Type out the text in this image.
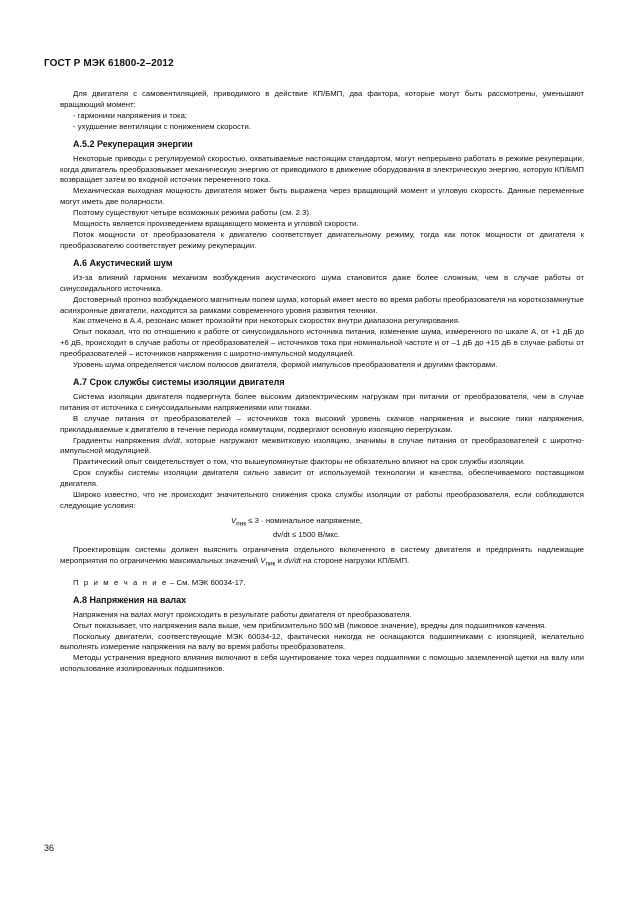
ГОСТ Р МЭК 61800-2–2012

Для двигателя с самовентиляцией, приводимого в действие КП/БМП, два фактора, которые могут быть рассмотрены, уменьшают вращающий момент:

- гармоники напряжения и тока;
- ухудшение вентиляции с понижением скорости.
А.5.2 Рекуперация энергии

Некоторые приводы с регулируемой скоростью, охватываемые настоящим стандартом, могут непрерывно работать в режиме рекуперации, когда двигатель преобразовывает механическую энергию от приводимого в движение оборудования в электрическую энергию, которую КП/БМП возвращает затем во входной источник переменного тока.

Механическая выходная мощность двигателя может быть выражена через вращающий момент и угловую скорость. Данные переменные могут иметь две полярности.

Поэтому существуют четыре возможных режима работы (см. 2.3).

Мощность является произведением вращающего момента и угловой скорости.

Поток мощности от преобразователя к двигателю соответствует двигательному режиму, тогда как поток мощности от двигателя к преобразователю соответствует режиму рекуперации.

А.6 Акустический шум

Из-за влияний гармоник механизм возбуждения акустического шума становится даже более сложным, чем в случае работы от синусоидального источника.

Достоверный прогноз возбуждаемого магнитным полем шума, который имеет место во время работы преобразователя на короткозамкнутые асинхронные двигатели, находится за рамками современного уровня развития техники.

Как отмечено в А.4, резонанс может произойти при некоторых скоростях внутри диапазона регулирования.

Опыт показал, что по отношению к работе от синусоидального источника питания, изменение шума, измеренного по шкале А, от +1 дБ до +6 дБ, происходит в случае работы от преобразователей – источников тока при номинальной частоте и от –1 дБ до +15 дБ в случае работы от преобразователей – источников напряжения с широтно-импульсной модуляцией.

Уровень шума определяется числом полюсов двигателя, формой импульсов преобразователя и другими факторами.

А.7 Срок службы системы изоляции двигателя

Система изоляции двигателя подвергнута более высоким диэлектрическим нагрузкам при питании от преобразователя, чем в случае питания от источника с синусоидальными напряжениями или токами.

В случае питания от преобразователей – источников тока высокий уровень скачков напряжения и высокие пики напряжения, прикладываемые к двигателю в течение периода коммутации, подвергают основную изоляцию перегрузкам.

Градиенты напряжения dv/dt, которые нагружают межвитковую изоляцию, значимы в случае питания от преобразователей с широтно-импульсной модуляцией.

Практический опыт свидетельствует о том, что вышеупомянутые факторы не обязательно влияют на срок службы изоляции.

Срок службы системы изоляции двигателя сильно зависит от используемой технологии и качества, обеспечиваемого поставщиком двигателя.

Широко известно, что не происходит значительного снижения срока службы изоляции от работы преобразователя, если соблюдаются следующие условия:

$V_{пик} \le 3$ · номинальное напряжение,
dv/dt ≤ 1500 В/мкс.

Проектировщик системы должен выяснить ограничения отдельного включенного в систему двигателя и предпринять надлежащие мероприятия по ограничению максимальных значений $V_{пик}$ и dv/dt на стороне нагрузки КП/БМП.

П р и м е ч а н и е – См. МЭК 60034-17.
А.8 Напряжения на валах

Напряжения на валах могут происходить в результате работы двигателя от преобразователя.

Опыт показывает, что напряжения вала выше, чем приблизительно 500 мВ (пиковое значение), вредны для подшипников качения.

Поскольку двигатели, соответствующие МЭК 60034-12, фактически никогда не оснащаются подшипниками с изоляцией, желательно выполнять измерение напряжения на валу во время работы преобразователя.

Методы устранения вредного влияния включают в себя шунтирование тока через подшипники с помощью заземленной щетки на валу или использование изолированных подшипников.

36
